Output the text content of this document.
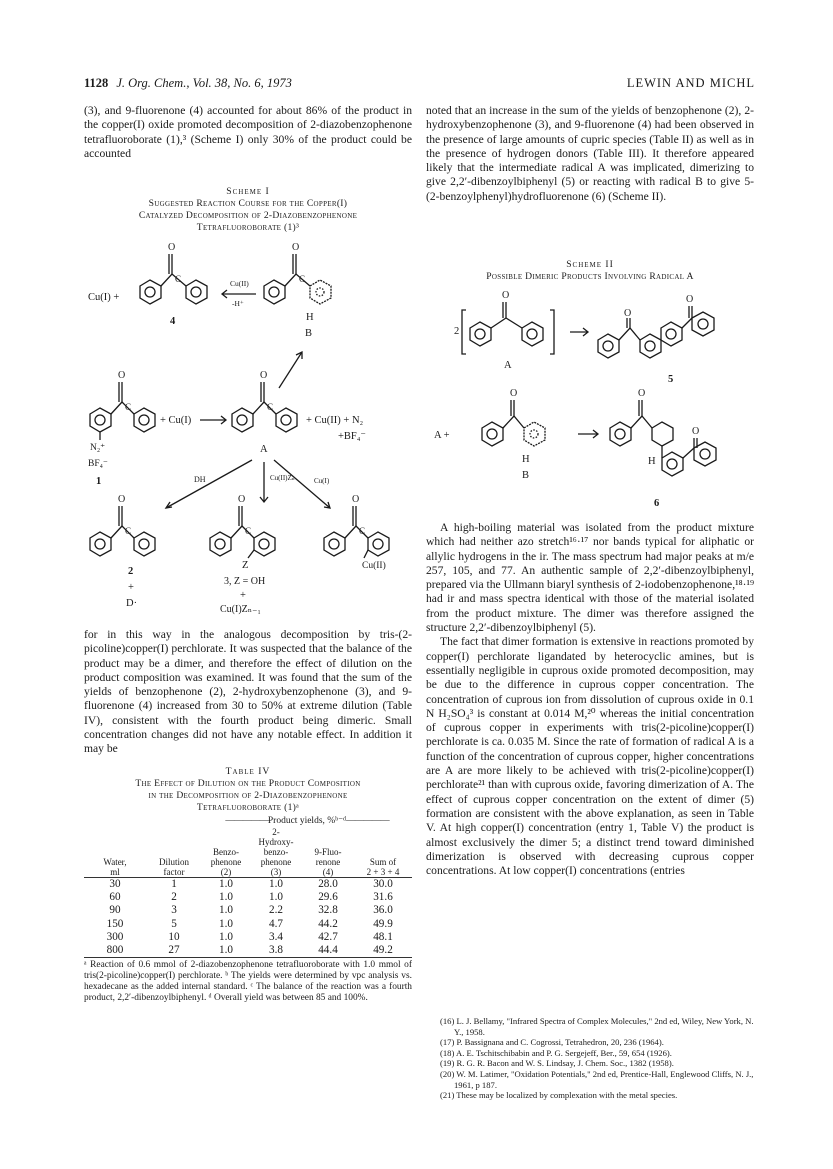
1128 J. Org. Chem., Vol. 38, No. 6, 1973	LEWIN AND MICHL

(3), and 9-fluorenone (4) accounted for about 86% of the product in the copper(I) oxide promoted decomposition of 2-diazobenzophenone tetrafluoroborate (1),³ (Scheme I) only 30% of the product could be accounted

Scheme I
Suggested Reaction Course for the Copper(I)
Catalyzed Decomposition of 2-Diazobenzophenone
Tetrafluoroborate (1)³
Cu(I) +
O
C
4
Cu(II)
-H⁺
O
C
H
B
O
C
N₂⁺
BF₄⁻
1
+ Cu(I)
O
C
+ Cu(II) + N₂
+BF₄⁻
A
DH	Cu(II)Zₙ	Cu(I)
O
C
2
+
D·
O
C
Z
3, Z = OH
+
Cu(I)Zₙ₋₁
O
C
Cu(II)

for in this way in the analogous decomposition by tris-(2-picoline)copper(I) perchlorate. It was suspected that the balance of the product may be a dimer, and therefore the effect of dilution on the product composition was examined. It was found that the sum of the yields of benzophenone (2), 2-hydroxybenzophenone (3), and 9-fluorenone (4) increased from 30 to 50% at extreme dilution (Table IV), consistent with the fourth product being dimeric. Small concentration changes did not have any notable effect. In addition it may be

Table IV
The Effect of Dilution on the Product Composition
in the Decomposition of 2-Diazobenzophenone
Tetrafluoroborate (1)ᵃ
		—————Product yields, %ᵇ⁻ᵈ—————			
Water,
ml	Dilution
factor	Benzo-
phenone
(2)	2-
Hydroxy-
benzo-
phenone
(3)	9-Fluo-
renone
(4)	Sum of
2 + 3 + 4
30	1	1.0	1.0	28.0	30.0
60	2	1.0	1.0	29.6	31.6
90	3	1.0	2.2	32.8	36.0
150	5	1.0	4.7	44.2	49.9
300	10	1.0	3.4	42.7	48.1
800	27	1.0	3.8	44.4	49.2
ᵃ Reaction of 0.6 mmol of 2-diazobenzophenone tetrafluoroborate with 1.0 mmol of tris(2-picoline)copper(I) perchlorate. ᵇ The yields were determined by vpc analysis vs. hexadecane as the added internal standard. ᶜ The balance of the reaction was a fourth product, 2,2′-dibenzoylbiphenyl. ᵈ Overall yield was between 85 and 100%.

noted that an increase in the sum of the yields of benzophenone (2), 2-hydroxybenzophenone (3), and 9-fluorenone (4) had been observed in the presence of large amounts of cupric species (Table II) as well as in the presence of hydrogen donors (Table III). It therefore appeared likely that the intermediate radical A was implicated, dimerizing to give 2,2′-dibenzoylbiphenyl (5) or reacting with radical B to give 5-(2-benzoylphenyl)hydrofluorenone (6) (Scheme II).

Scheme II
Possible Dimeric Products Involving Radical A
2
O
A
O
O
5
A +
O
H
B
O
O
H
6

A high-boiling material was isolated from the product mixture which had neither azo stretch¹⁶·¹⁷ nor bands typical for aliphatic or allylic hydrogens in the ir. The mass spectrum had major peaks at m/e 257, 105, and 77. An authentic sample of 2,2′-dibenzoylbiphenyl, prepared via the Ullmann biaryl synthesis of 2-iodobenzophenone,¹⁸·¹⁹ had ir and mass spectra identical with those of the material isolated from the product mixture. The dimer was therefore assigned the structure 2,2′-dibenzoylbiphenyl (5).

The fact that dimer formation is extensive in reactions promoted by copper(I) perchlorate ligandated by heterocyclic amines, but is essentially negligible in cuprous oxide promoted decomposition, may be due to the difference in cuprous copper concentration. The concentration of cuprous ion from dissolution of cuprous oxide in 0.1 N H₂SO₄³ is constant at 0.014 M,²⁰ whereas the initial concentration of cuprous copper in experiments with tris(2-picoline)copper(I) perchlorate is ca. 0.035 M. Since the rate of formation of radical A is a function of the concentration of cuprous copper, higher concentrations are A are more likely to be achieved with tris(2-picoline)copper(I) perchlorate²¹ than with cuprous oxide, favoring dimerization of A. The effect of cuprous copper concentration on the extent of dimer (5) formation are consistent with the above explanation, as seen in Table V. At high copper(I) concentration (entry 1, Table V) the product is almost exclusively the dimer 5; a distinct trend toward diminished dimerization is observed with decreasing cuprous copper concentrations. At low copper(I) concentrations (entries

(16) L. J. Bellamy, "Infrared Spectra of Complex Molecules," 2nd ed, Wiley, New York, N. Y., 1958.
(17) P. Bassignana and C. Cogrossi, Tetrahedron, 20, 236 (1964).
(18) A. E. Tschitschibabin and P. G. Sergejeff, Ber., 59, 654 (1926).
(19) R. G. R. Bacon and W. S. Lindsay, J. Chem. Soc., 1382 (1958).
(20) W. M. Latimer, "Oxidation Potentials," 2nd ed, Prentice-Hall, Englewood Cliffs, N. J., 1961, p 187.
(21) These may be localized by complexation with the metal species.
